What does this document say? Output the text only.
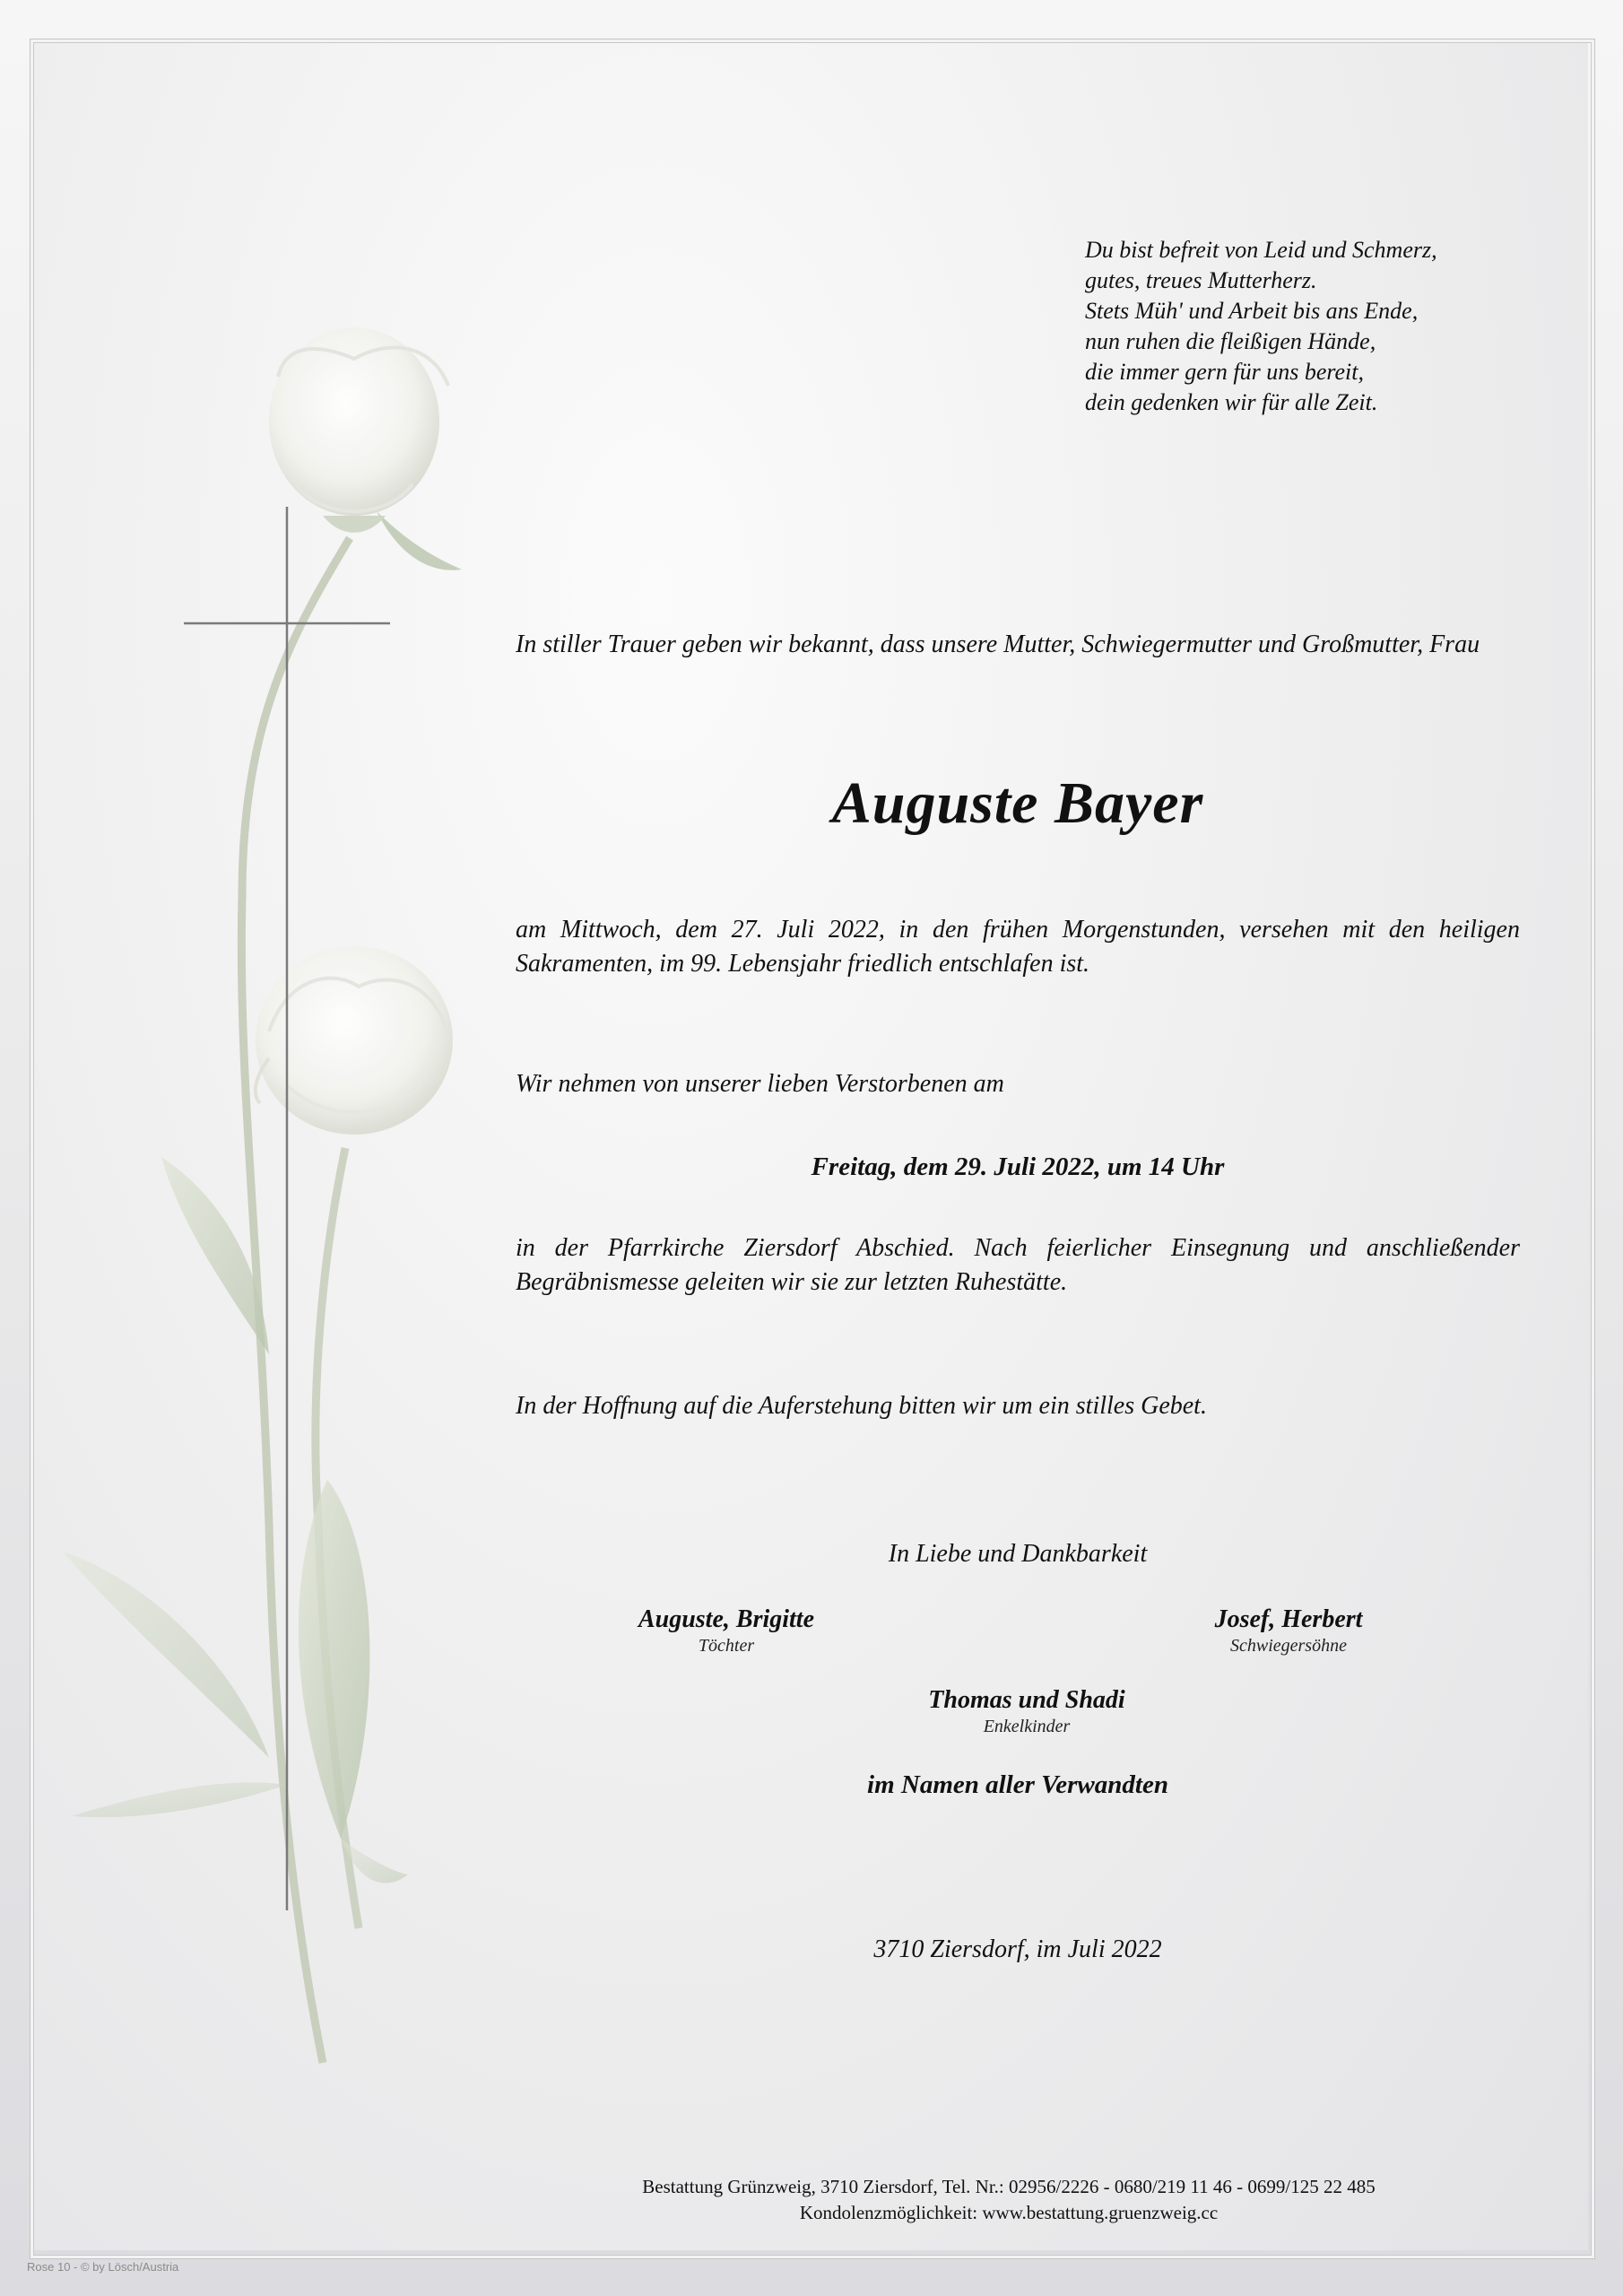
Du bist befreit von Leid und Schmerz,
gutes, treues Mutterherz.
Stets Müh' und Arbeit bis ans Ende,
nun ruhen die fleißigen Hände,
die immer gern für uns bereit,
dein gedenken wir für alle Zeit.
In stiller Trauer geben wir bekannt, dass unsere Mutter, Schwiegermutter und Großmutter, Frau
Auguste Bayer
am Mittwoch, dem 27. Juli 2022, in den frühen Morgenstunden, versehen mit den heiligen Sakramenten, im 99. Lebensjahr friedlich entschlafen ist.
Wir nehmen von unserer lieben Verstorbenen am
Freitag, dem 29. Juli 2022, um 14 Uhr
in der Pfarrkirche Ziersdorf Abschied. Nach feierlicher Einsegnung und anschließender Begräbnismesse geleiten wir sie zur letzten Ruhestätte.
In der Hoffnung auf die Auferstehung bitten wir um ein stilles Gebet.
In Liebe und Dankbarkeit
Auguste, Brigitte
Töchter
Josef, Herbert
Schwiegersöhne
Thomas und Shadi
Enkelkinder
im Namen aller Verwandten
3710 Ziersdorf, im Juli 2022
Bestattung Grünzweig, 3710 Ziersdorf, Tel. Nr.: 02956/2226 - 0680/219 11 46 - 0699/125 22 485
Kondolenzmöglichkeit: www.bestattung.gruenzweig.cc
Rose 10 - © by Lösch/Austria
